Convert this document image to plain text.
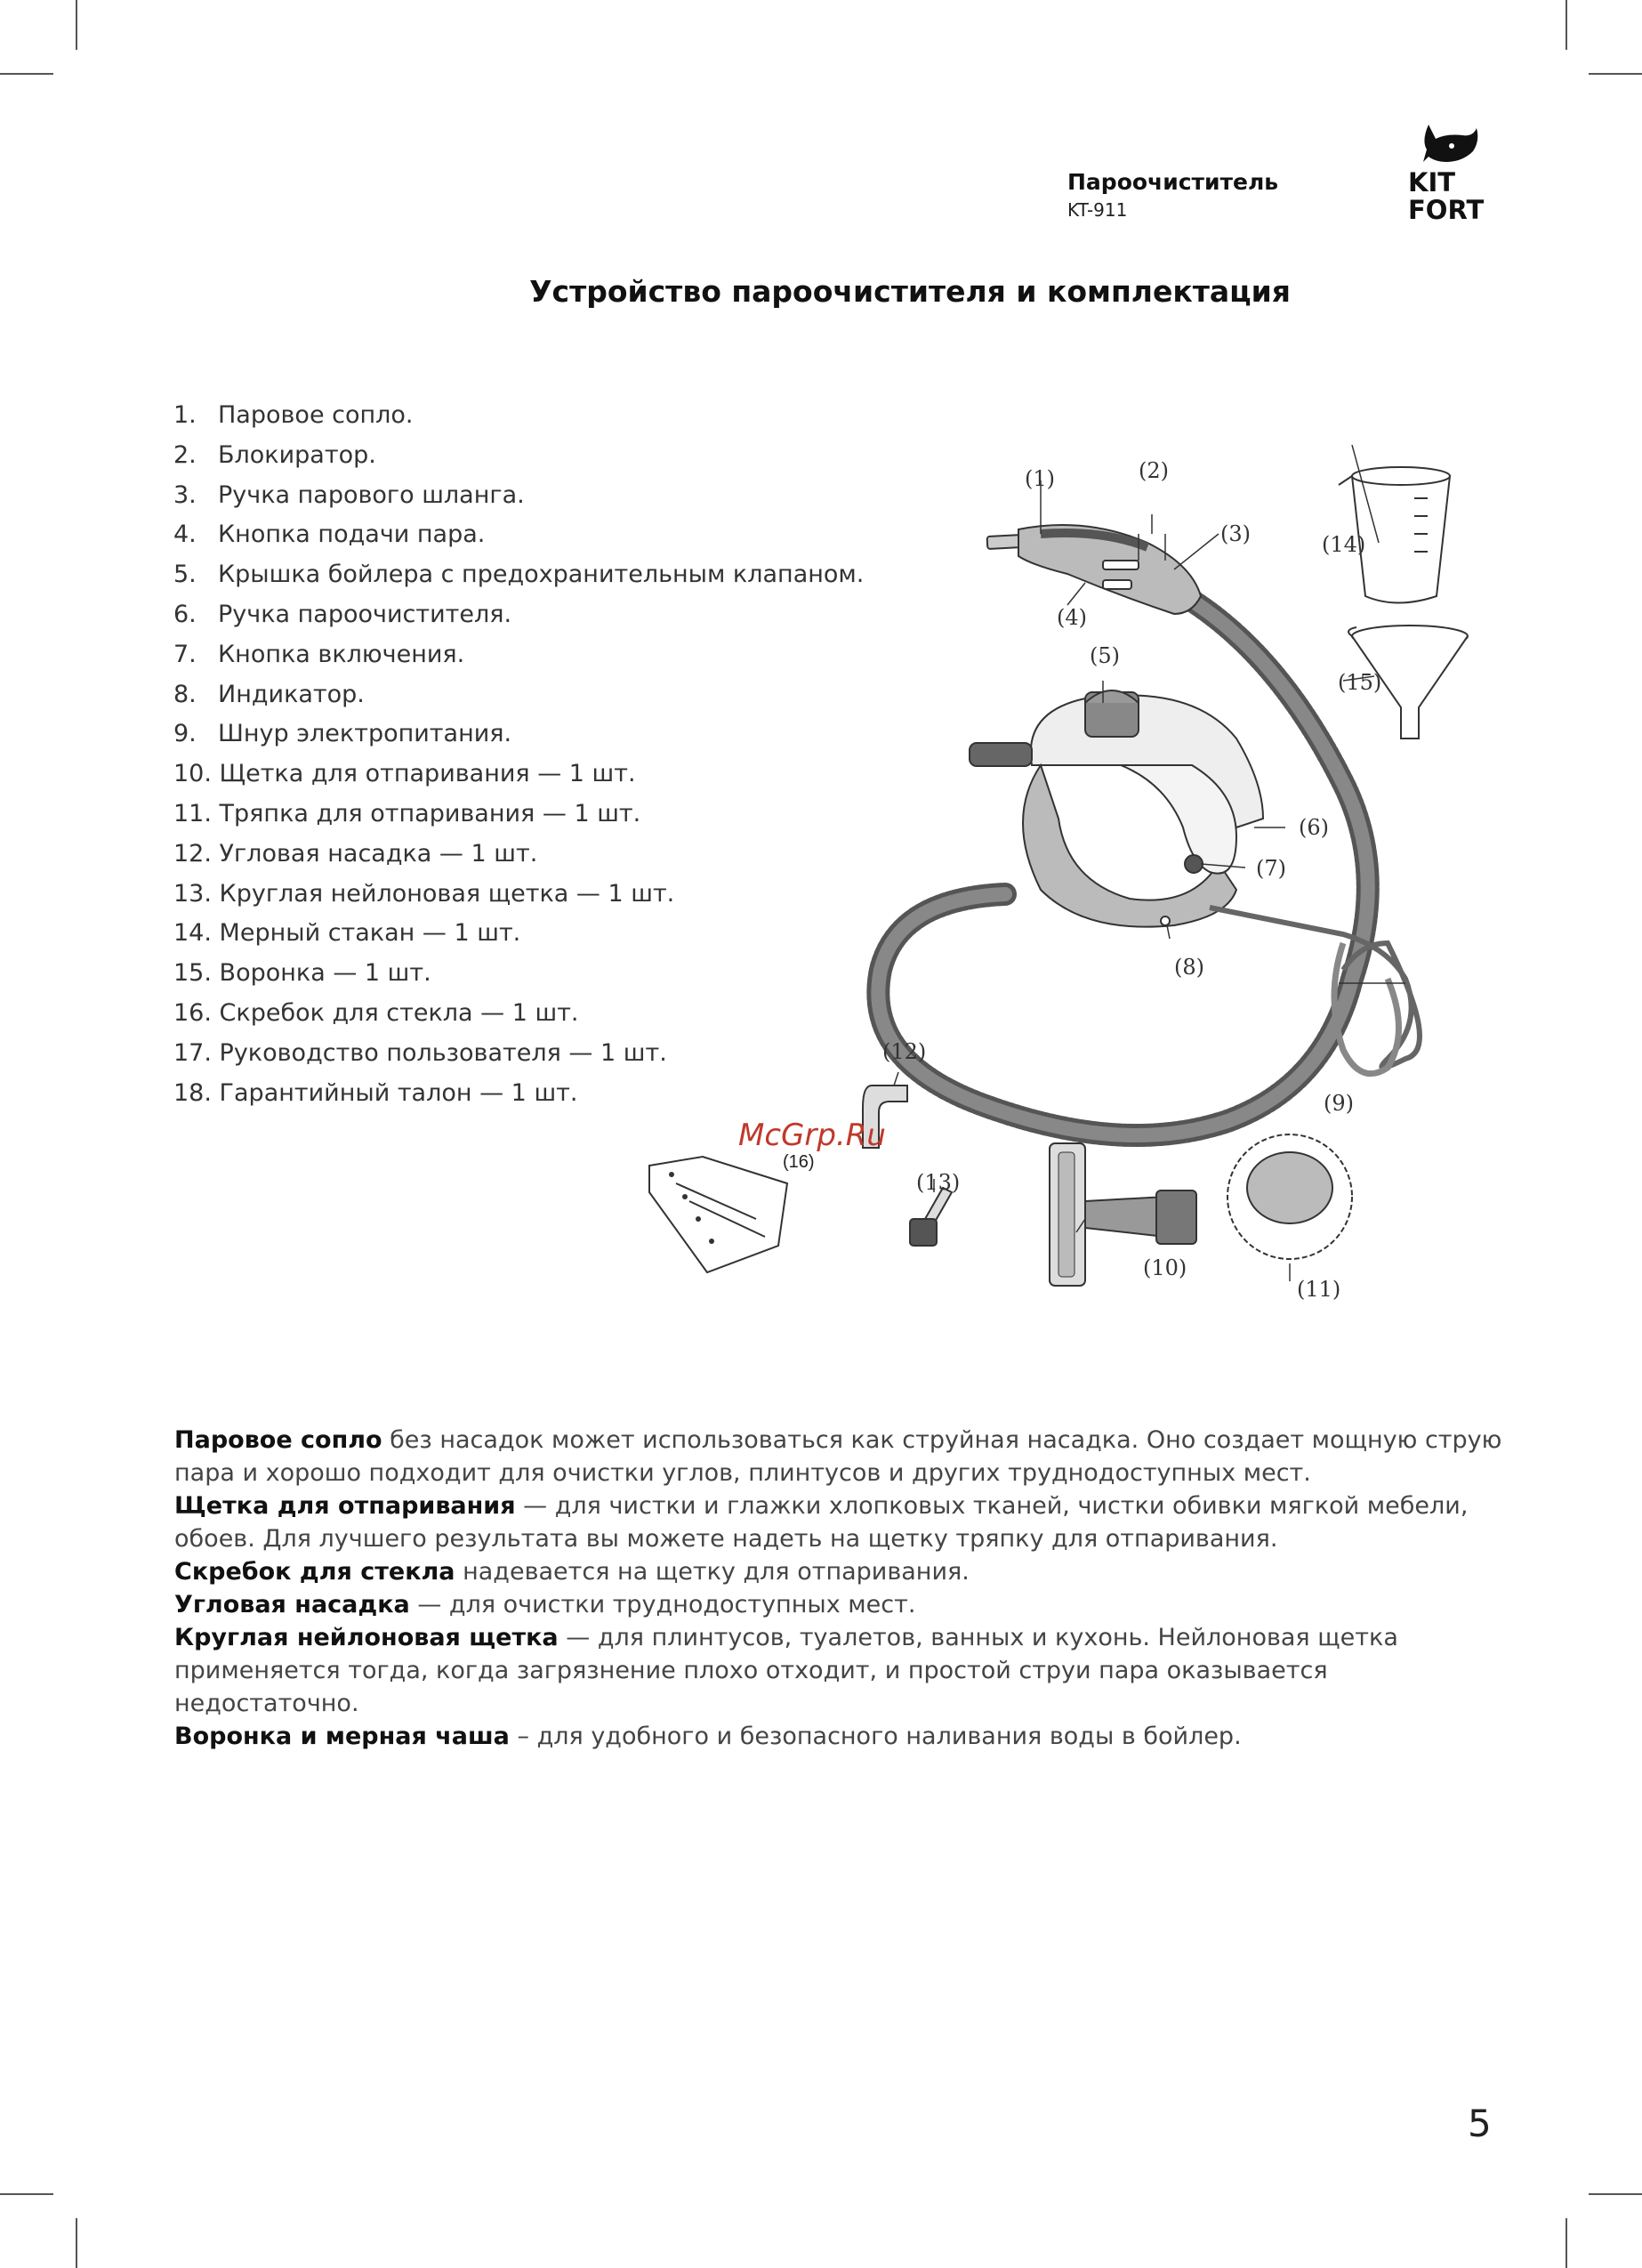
Пароочиститель
KT-911
KIT
FORT
Устройство пароочистителя и комплектация
1. Паровое сопло.
2. Блокиратор.
3. Ручка парового шланга.
4. Кнопка подачи пара.
5. Крышка бойлера с предохранительным клапаном.
6. Ручка пароочистителя.
7. Кнопка включения.
8. Индикатор.
9. Шнур электропитания.
10. Щетка для отпаривания — 1 шт.
11. Тряпка для отпаривания — 1 шт.
12. Угловая насадка — 1 шт.
13. Круглая нейлоновая щетка — 1 шт.
14. Мерный стакан — 1 шт.
15. Воронка — 1 шт.
16. Скребок для стекла — 1 шт.
17. Руководство пользователя — 1 шт.
18. Гарантийный талон — 1 шт.
(1)	(2)
(3)
(4)
(5)
(6)
(7)
(8)
(9)
(10)
(11)
(12)
(13)
(14)
(15)
(16)
McGrp.Ru

Паровое сопло без насадок может использоваться как струйная насадка. Оно создает мощную струю пара и хорошо подходит для очистки углов, плинтусов и других труднодоступных мест.

Щетка для отпаривания — для чистки и глажки хлопковых тканей, чистки обивки мягкой мебели, обоев. Для лучшего результата вы можете надеть на щетку тряпку для отпаривания.

Скребок для стекла надевается на щетку для отпаривания.

Угловая насадка — для очистки труднодоступных мест.

Круглая нейлоновая щетка — для плинтусов, туалетов, ванных и кухонь. Нейлоновая щетка применяется тогда, когда загрязнение плохо отходит, и простой струи пара оказывается недостаточно.

Воронка и мерная чаша – для удобного и безопасного наливания воды в бойлер.

5
